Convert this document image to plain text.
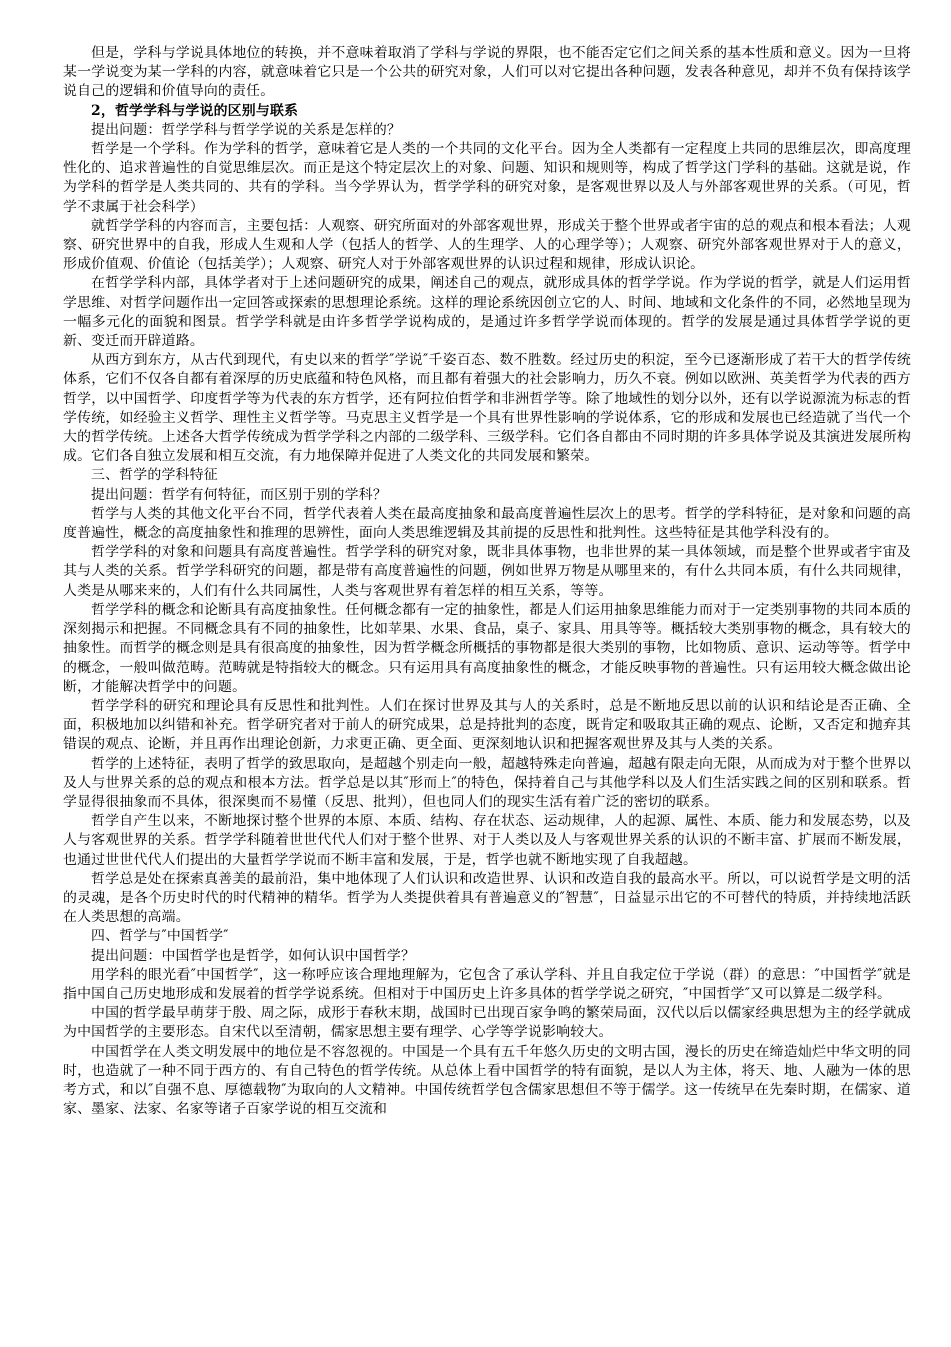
但是，学科与学说具体地位的转换，并不意味着取消了学科与学说的界限，也不能否定它们之间关系的基本性质和意义。因为一旦将某一学说变为某一学科的内容，就意味着它只是一个公共的研究对象，人们可以对它提出各种问题，发表各种意见，却并不负有保持该学说自己的逻辑和价值导向的责任。

2，哲学学科与学说的区别与联系

提出问题：哲学学科与哲学学说的关系是怎样的？

哲学是一个学科。作为学科的哲学，意味着它是人类的一个共同的文化平台。因为全人类都有一定程度上共同的思维层次，即高度理性化的、追求普遍性的自觉思维层次。而正是这个特定层次上的对象、问题、知识和规则等，构成了哲学这门学科的基础。这就是说，作为学科的哲学是人类共同的、共有的学科。当今学界认为，哲学学科的研究对象，是客观世界以及人与外部客观世界的关系。（可见，哲学不隶属于社会科学）

就哲学学科的内容而言，主要包括：人观察、研究所面对的外部客观世界，形成关于整个世界或者宇宙的总的观点和根本看法；人观察、研究世界中的自我，形成人生观和人学（包括人的哲学、人的生理学、人的心理学等）；人观察、研究外部客观世界对于人的意义，形成价值观、价值论（包括美学）；人观察、研究人对于外部客观世界的认识过程和规律，形成认识论。

在哲学学科内部，具体学者对于上述问题研究的成果，阐述自己的观点，就形成具体的哲学学说。作为学说的哲学，就是人们运用哲学思维、对哲学问题作出一定回答或探索的思想理论系统。这样的理论系统因创立它的人、时间、地域和文化条件的不同，必然地呈现为一幅多元化的面貌和图景。哲学学科就是由许多哲学学说构成的，是通过许多哲学学说而体现的。哲学的发展是通过具体哲学学说的更新、变迁而开辟道路。

从西方到东方，从古代到现代，有史以来的哲学″学说″千姿百态、数不胜数。经过历史的积淀，至今已逐渐形成了若干大的哲学传统体系，它们不仅各自都有着深厚的历史底蕴和特色风格，而且都有着强大的社会影响力，历久不衰。例如以欧洲、英美哲学为代表的西方哲学，以中国哲学、印度哲学等为代表的东方哲学，还有阿拉伯哲学和非洲哲学等。除了地域性的划分以外，还有以学说源流为标志的哲学传统，如经验主义哲学、理性主义哲学等。马克思主义哲学是一个具有世界性影响的学说体系，它的形成和发展也已经造就了当代一个大的哲学传统。上述各大哲学传统成为哲学学科之内部的二级学科、三级学科。它们各自都由不同时期的许多具体学说及其演进发展所构成。它们各自独立发展和相互交流，有力地保障并促进了人类文化的共同发展和繁荣。

三、哲学的学科特征

提出问题：哲学有何特征，而区别于别的学科？

哲学与人类的其他文化平台不同，哲学代表着人类在最高度抽象和最高度普遍性层次上的思考。哲学的学科特征，是对象和问题的高度普遍性，概念的高度抽象性和推理的思辨性，面向人类思维逻辑及其前提的反思性和批判性。这些特征是其他学科没有的。

哲学学科的对象和问题具有高度普遍性。哲学学科的研究对象，既非具体事物，也非世界的某一具体领域，而是整个世界或者宇宙及其与人类的关系。哲学学科研究的问题，都是带有高度普遍性的问题，例如世界万物是从哪里来的，有什么共同本质，有什么共同规律，人类是从哪来来的，人们有什么共同属性，人类与客观世界有着怎样的相互关系，等等。

哲学学科的概念和论断具有高度抽象性。任何概念都有一定的抽象性，都是人们运用抽象思维能力而对于一定类别事物的共同本质的深刻揭示和把握。不同概念具有不同的抽象性，比如苹果、水果、食品，桌子、家具、用具等等。概括较大类别事物的概念，具有较大的抽象性。而哲学的概念则是具有很高度的抽象性，因为哲学概念所概括的事物都是很大类别的事物，比如物质、意识、运动等等。哲学中的概念，一般叫做范畴。范畴就是特指较大的概念。只有运用具有高度抽象性的概念，才能反映事物的普遍性。只有运用较大概念做出论断，才能解决哲学中的问题。

哲学学科的研究和理论具有反思性和批判性。人们在探讨世界及其与人的关系时，总是不断地反思以前的认识和结论是否正确、全面，积极地加以纠错和补充。哲学研究者对于前人的研究成果，总是持批判的态度，既肯定和吸取其正确的观点、论断，又否定和抛弃其错误的观点、论断，并且再作出理论创新，力求更正确、更全面、更深刻地认识和把握客观世界及其与人类的关系。

哲学的上述特征，表明了哲学的致思取向，是超越个别走向一般，超越特殊走向普遍，超越有限走向无限，从而成为对于整个世界以及人与世界关系的总的观点和根本方法。哲学总是以其″形而上″的特色，保持着自己与其他学科以及人们生活实践之间的区别和联系。哲学显得很抽象而不具体，很深奥而不易懂（反思、批判），但也同人们的现实生活有着广泛的密切的联系。

哲学自产生以来，不断地探讨整个世界的本原、本质、结构、存在状态、运动规律，人的起源、属性、本质、能力和发展态势，以及人与客观世界的关系。哲学学科随着世世代代人们对于整个世界、对于人类以及人与客观世界关系的认识的不断丰富、扩展而不断发展，也通过世世代代人们提出的大量哲学学说而不断丰富和发展，于是，哲学也就不断地实现了自我超越。

哲学总是处在探索真善美的最前沿，集中地体现了人们认识和改造世界、认识和改造自我的最高水平。所以，可以说哲学是文明的活的灵魂，是各个历史时代的时代精神的精华。哲学为人类提供着具有普遍意义的″智慧″，日益显示出它的不可替代的特质，并持续地活跃在人类思想的高端。

四、哲学与″中国哲学″

提出问题：中国哲学也是哲学，如何认识中国哲学？

用学科的眼光看″中国哲学″，这一称呼应该合理地理解为，它包含了承认学科、并且自我定位于学说（群）的意思：″中国哲学″就是指中国自己历史地形成和发展着的哲学学说系统。但相对于中国历史上许多具体的哲学学说之研究，″中国哲学″又可以算是二级学科。

中国的哲学最早萌芽于殷、周之际，成形于春秋末期，战国时已出现百家争鸣的繁荣局面，汉代以后以儒家经典思想为主的经学就成为中国哲学的主要形态。自宋代以至清朝，儒家思想主要有理学、心学等学说影响较大。

中国哲学在人类文明发展中的地位是不容忽视的。中国是一个具有五千年悠久历史的文明古国，漫长的历史在缔造灿烂中华文明的同时，也造就了一种不同于西方的、有自己特色的哲学传统。从总体上看中国哲学的特有面貌，是以人为主体，将天、地、人融为一体的思考方式，和以″自强不息、厚德载物″为取向的人文精神。中国传统哲学包含儒家思想但不等于儒学。这一传统早在先秦时期，在儒家、道家、墨家、法家、名家等诸子百家学说的相互交流和
